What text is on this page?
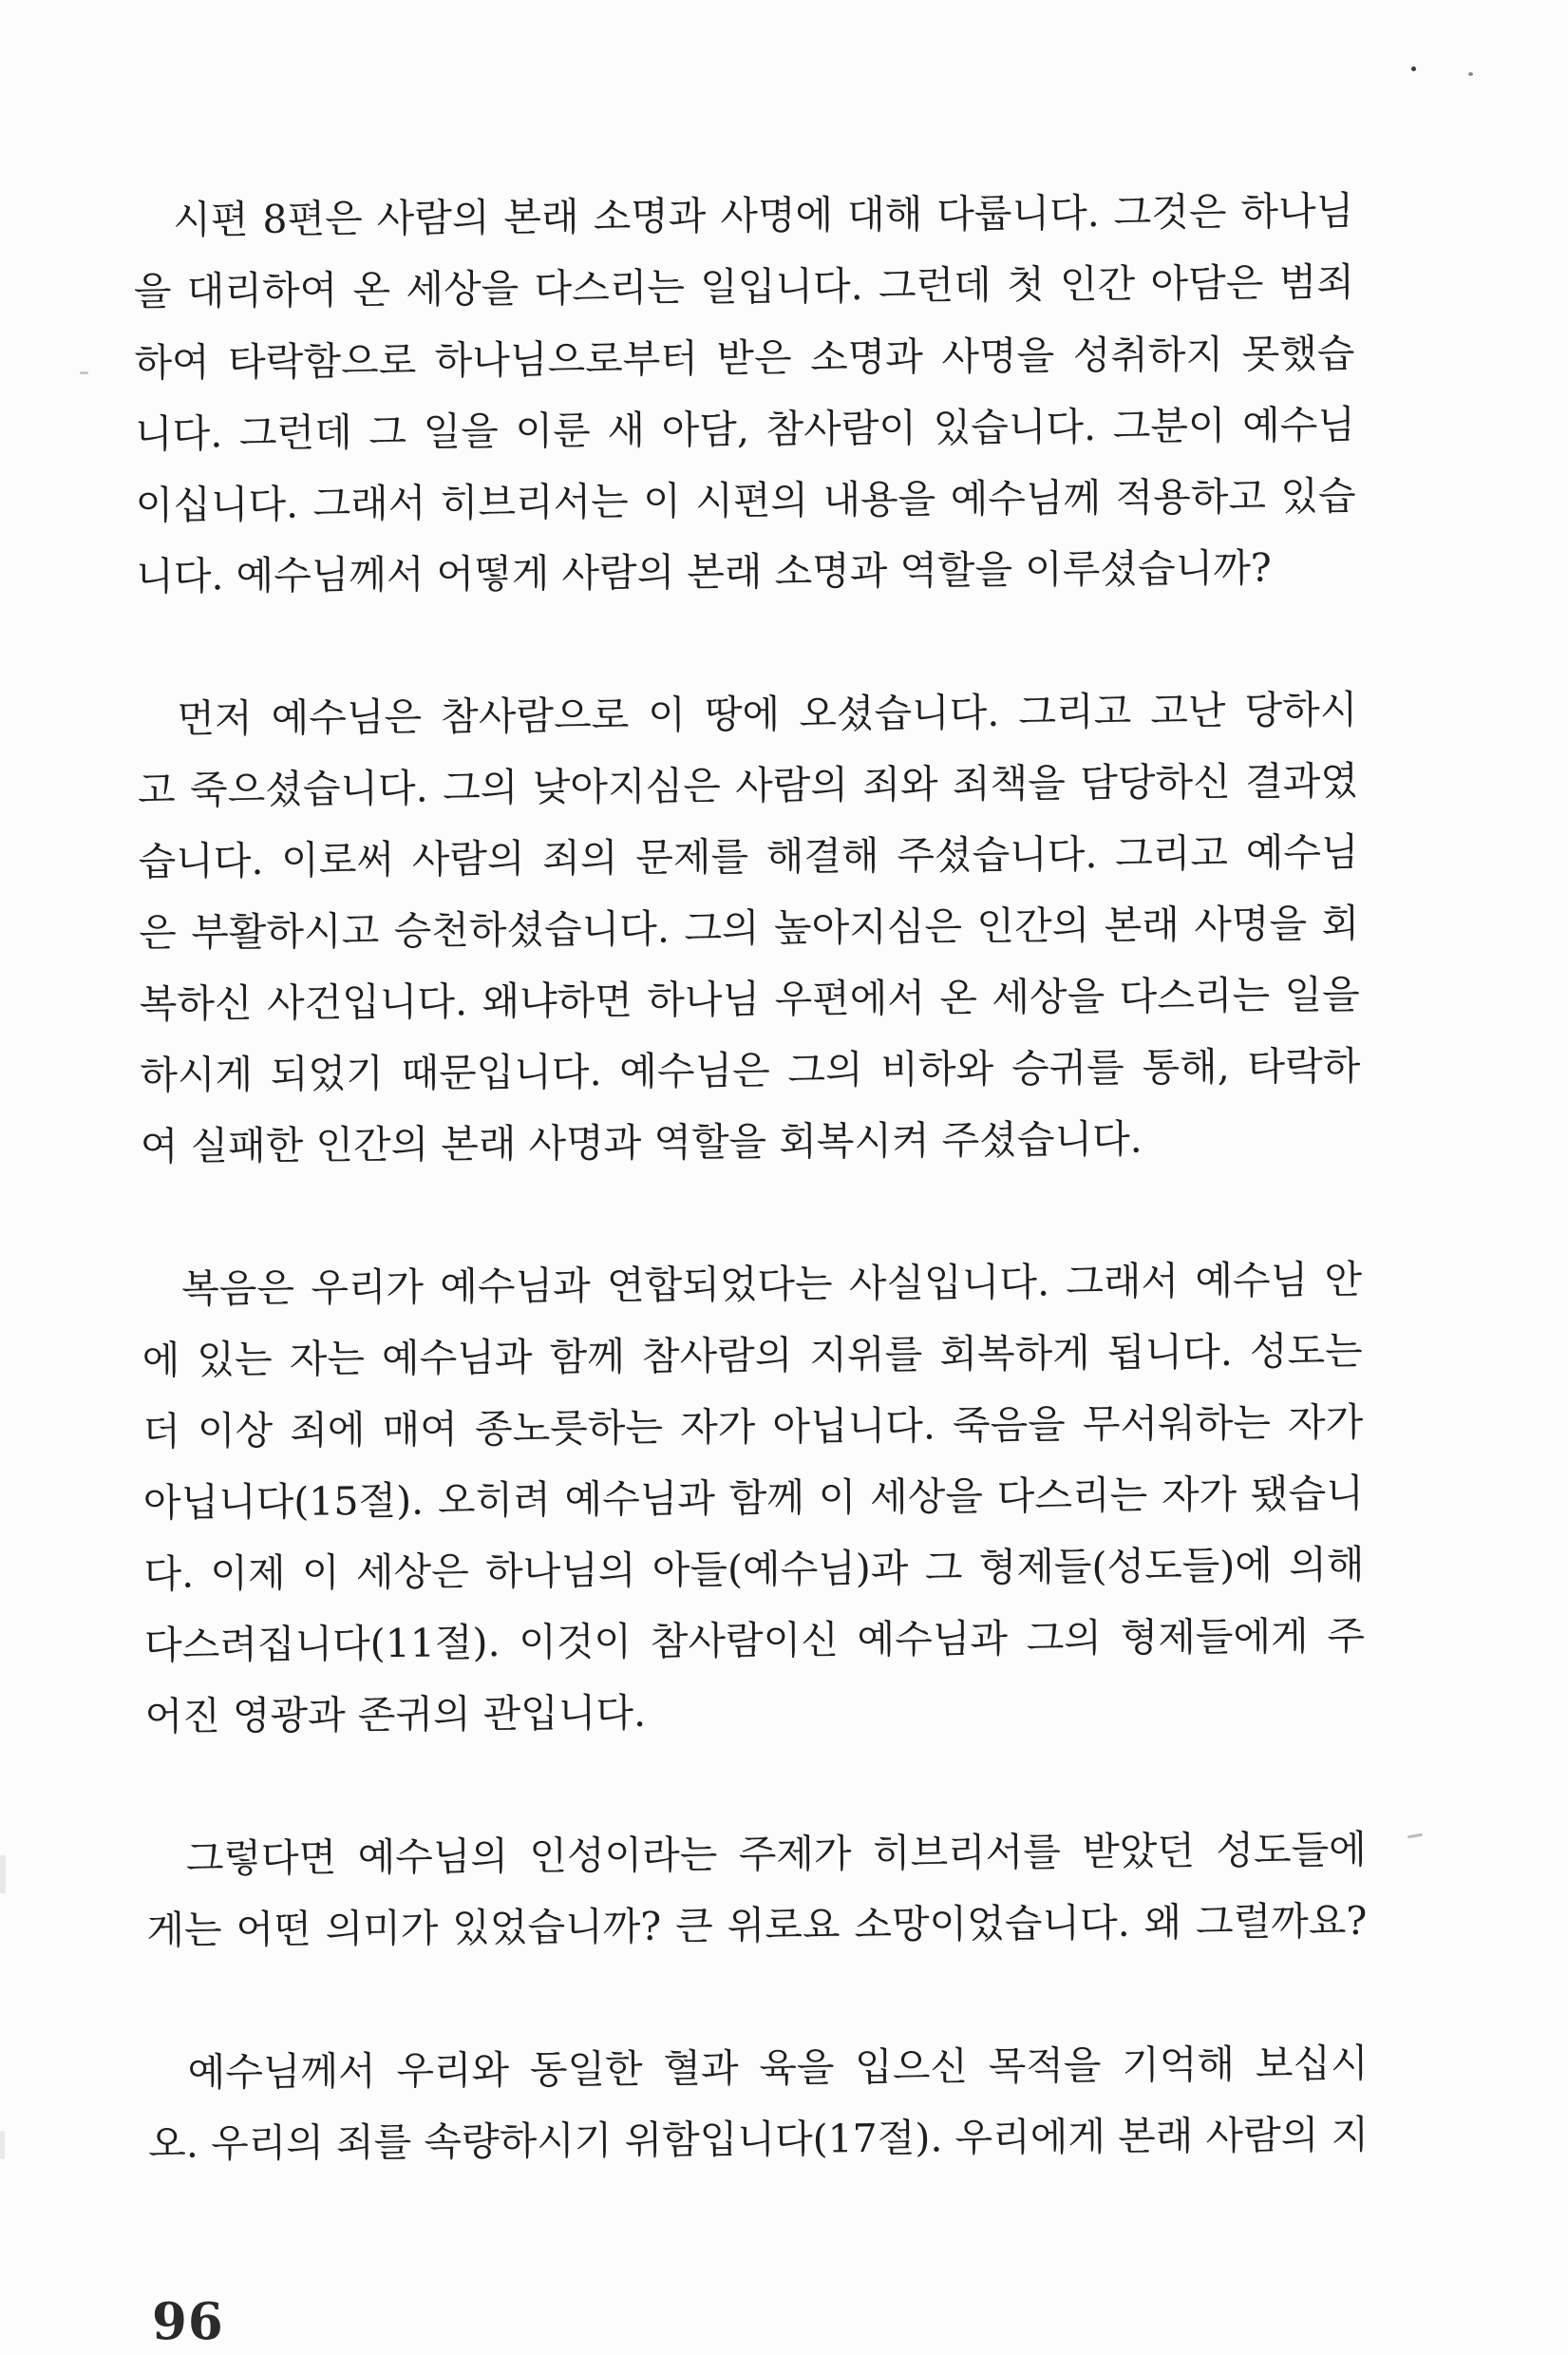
시편 8편은 사람의 본래 소명과 사명에 대해 다룹니다. 그것은 하나님
을 대리하여 온 세상을 다스리는 일입니다. 그런데 첫 인간 아담은 범죄
하여 타락함으로 하나님으로부터 받은 소명과 사명을 성취하지 못했습
니다. 그런데 그 일을 이룬 새 아담, 참사람이 있습니다. 그분이 예수님
이십니다. 그래서 히브리서는 이 시편의 내용을 예수님께 적용하고 있습
니다. 예수님께서 어떻게 사람의 본래 소명과 역할을 이루셨습니까?
먼저 예수님은 참사람으로 이 땅에 오셨습니다. 그리고 고난 당하시
고 죽으셨습니다. 그의 낮아지심은 사람의 죄와 죄책을 담당하신 결과였
습니다. 이로써 사람의 죄의 문제를 해결해 주셨습니다. 그리고 예수님
은 부활하시고 승천하셨습니다. 그의 높아지심은 인간의 본래 사명을 회
복하신 사건입니다. 왜냐하면 하나님 우편에서 온 세상을 다스리는 일을
하시게 되었기 때문입니다. 예수님은 그의 비하와 승귀를 통해, 타락하
여 실패한 인간의 본래 사명과 역할을 회복시켜 주셨습니다.
복음은 우리가 예수님과 연합되었다는 사실입니다. 그래서 예수님 안
에 있는 자는 예수님과 함께 참사람의 지위를 회복하게 됩니다. 성도는
더 이상 죄에 매여 종노릇하는 자가 아닙니다. 죽음을 무서워하는 자가
아닙니다(15절). 오히려 예수님과 함께 이 세상을 다스리는 자가 됐습니
다. 이제 이 세상은 하나님의 아들(예수님)과 그 형제들(성도들)에 의해
다스려집니다(11절). 이것이 참사람이신 예수님과 그의 형제들에게 주
어진 영광과 존귀의 관입니다.
그렇다면 예수님의 인성이라는 주제가 히브리서를 받았던 성도들에
게는 어떤 의미가 있었습니까? 큰 위로요 소망이었습니다. 왜 그럴까요?
예수님께서 우리와 동일한 혈과 육을 입으신 목적을 기억해 보십시
오. 우리의 죄를 속량하시기 위함입니다(17절). 우리에게 본래 사람의 지
96
